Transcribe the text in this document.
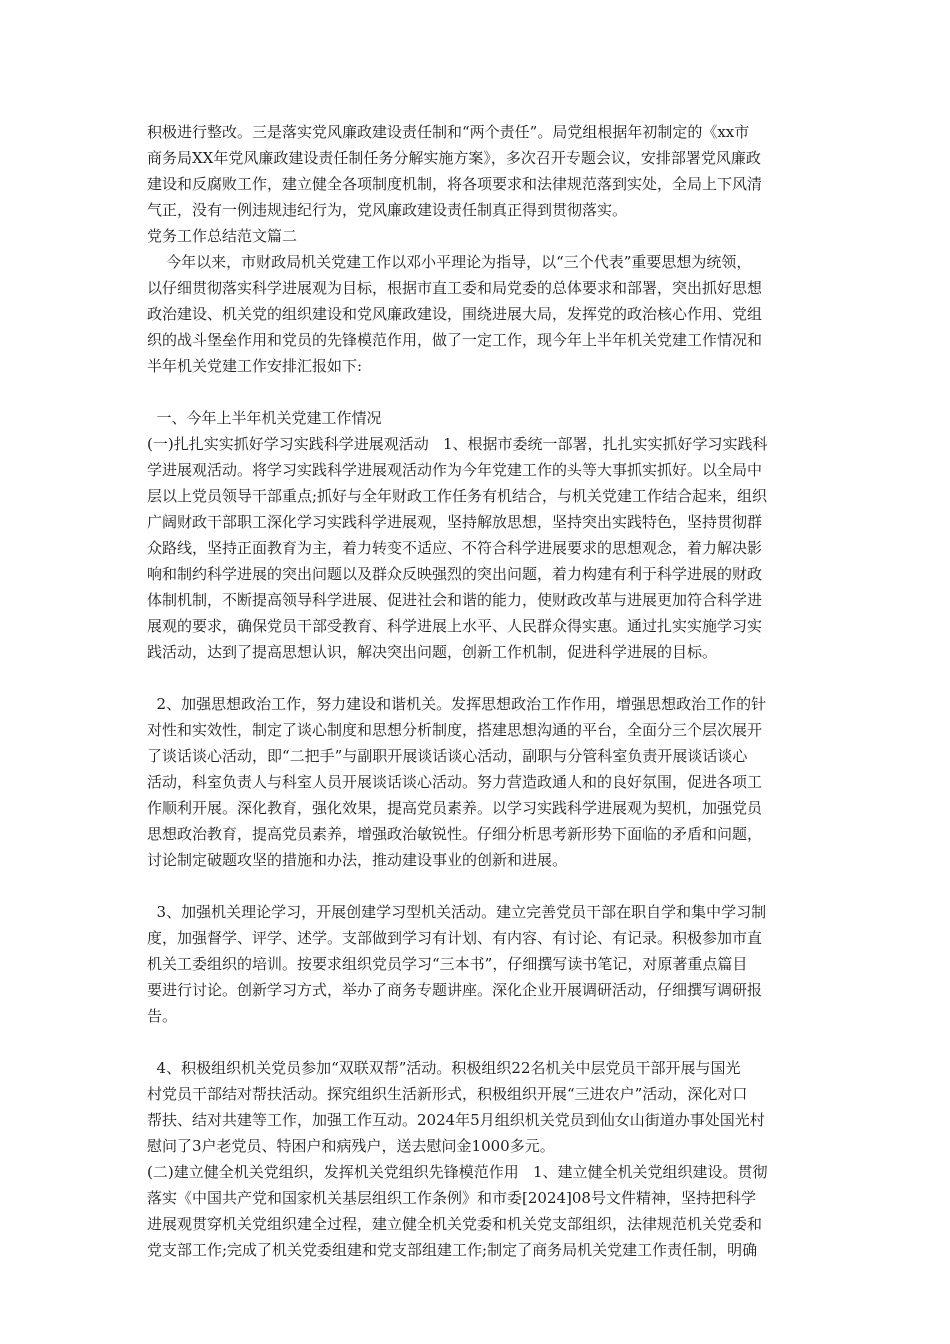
积极进行整改。三是落实党风廉政建设责任制和“两个责任”。局党组根据年初制定的《xx市
商务局XX年党风廉政建设责任制任务分解实施方案》，多次召开专题会议，安排部署党风廉政
建设和反腐败工作，建立健全各项制度机制，将各项要求和法律规范落到实处，全局上下风清
气正，没有一例违规违纪行为，党风廉政建设责任制真正得到贯彻落实。
党务工作总结范文篇二
今年以来，市财政局机关党建工作以邓小平理论为指导，以“三个代表”重要思想为统领，
以仔细贯彻落实科学进展观为目标，根据市直工委和局党委的总体要求和部署，突出抓好思想
政治建设、机关党的组织建设和党风廉政建设，围绕进展大局，发挥党的政治核心作用、党组
织的战斗堡垒作用和党员的先锋模范作用，做了一定工作，现今年上半年机关党建工作情况和
半年机关党建工作安排汇报如下:
一、今年上半年机关党建工作情况
(一)扎扎实实抓好学习实践科学进展观活动   1、根据市委统一部署，扎扎实实抓好学习实践科
学进展观活动。将学习实践科学进展观活动作为今年党建工作的头等大事抓实抓好。以全局中
层以上党员领导干部重点;抓好与全年财政工作任务有机结合，与机关党建工作结合起来，组织
广阔财政干部职工深化学习实践科学进展观，坚持解放思想，坚持突出实践特色，坚持贯彻群
众路线，坚持正面教育为主，着力转变不适应、不符合科学进展要求的思想观念，着力解决影
响和制约科学进展的突出问题以及群众反映强烈的突出问题，着力构建有利于科学进展的财政
体制机制，不断提高领导科学进展、促进社会和谐的能力，使财政改革与进展更加符合科学进
展观的要求，确保党员干部受教育、科学进展上水平、人民群众得实惠。通过扎实实施学习实
践活动，达到了提高思想认识，解决突出问题，创新工作机制，促进科学进展的目标。
2、加强思想政治工作，努力建设和谐机关。发挥思想政治工作作用，增强思想政治工作的针
对性和实效性，制定了谈心制度和思想分析制度，搭建思想沟通的平台，全面分三个层次展开
了谈话谈心活动，即“二把手”与副职开展谈话谈心活动，副职与分管科室负责开展谈话谈心
活动，科室负责人与科室人员开展谈话谈心活动。努力营造政通人和的良好氛围，促进各项工
作顺利开展。深化教育，强化效果，提高党员素养。以学习实践科学进展观为契机，加强党员
思想政治教育，提高党员素养，增强政治敏锐性。仔细分析思考新形势下面临的矛盾和问题，
讨论制定破题攻坚的措施和办法，推动建设事业的创新和进展。
3、加强机关理论学习，开展创建学习型机关活动。建立完善党员干部在职自学和集中学习制
度，加强督学、评学、述学。支部做到学习有计划、有内容、有讨论、有记录。积极参加市直
机关工委组织的培训。按要求组织党员学习“三本书”，仔细撰写读书笔记，对原著重点篇目
要进行讨论。创新学习方式，举办了商务专题讲座。深化企业开展调研活动，仔细撰写调研报
告。
4、积极组织机关党员参加“双联双帮”活动。积极组织22名机关中层党员干部开展与国光
村党员干部结对帮扶活动。探究组织生活新形式，积极组织开展“三进农户”活动，深化对口
帮扶、结对共建等工作，加强工作互动。2024年5月组织机关党员到仙女山街道办事处国光村
慰问了3户老党员、特困户和病残户，送去慰问金1000多元。
(二)建立健全机关党组织，发挥机关党组织先锋模范作用   1、建立健全机关党组织建设。贯彻
落实《中国共产党和国家机关基层组织工作条例》和市委[2024]08号文件精神，坚持把科学
进展观贯穿机关党组织建全过程，建立健全机关党委和机关党支部组织，法律规范机关党委和
党支部工作;完成了机关党委组建和党支部组建工作;制定了商务局机关党建工作责任制，明确
